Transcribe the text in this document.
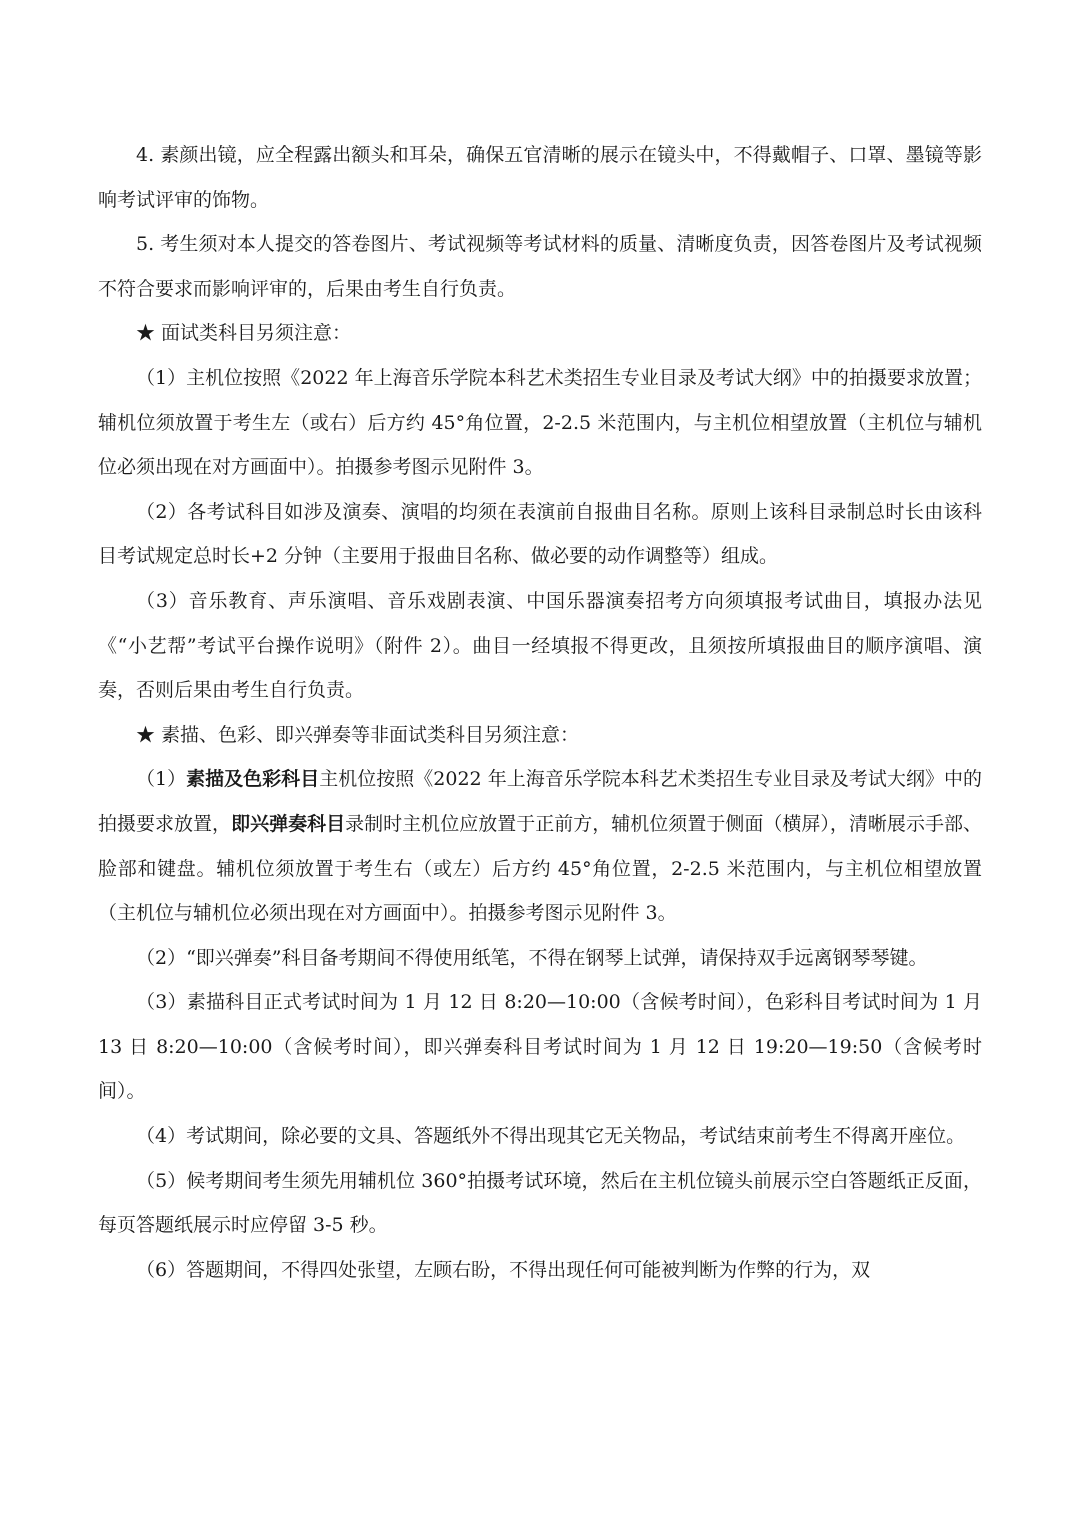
4. 素颜出镜，应全程露出额头和耳朵，确保五官清晰的展示在镜头中，不得戴帽子、口罩、墨镜等影响考试评审的饰物。

5. 考生须对本人提交的答卷图片、考试视频等考试材料的质量、清晰度负责，因答卷图片及考试视频不符合要求而影响评审的，后果由考生自行负责。

★ 面试类科目另须注意：

（1）主机位按照《2022 年上海音乐学院本科艺术类招生专业目录及考试大纲》中的拍摄要求放置；辅机位须放置于考生左（或右）后方约 45°角位置，2-2.5 米范围内，与主机位相望放置（主机位与辅机位必须出现在对方画面中）。拍摄参考图示见附件 3。

（2）各考试科目如涉及演奏、演唱的均须在表演前自报曲目名称。原则上该科目录制总时长由该科目考试规定总时长+2 分钟（主要用于报曲目名称、做必要的动作调整等）组成。

（3）音乐教育、声乐演唱、音乐戏剧表演、中国乐器演奏招考方向须填报考试曲目，填报办法见《“小艺帮”考试平台操作说明》（附件 2）。曲目一经填报不得更改，且须按所填报曲目的顺序演唱、演奏，否则后果由考生自行负责。

★ 素描、色彩、即兴弹奏等非面试类科目另须注意：

（1）素描及色彩科目主机位按照《2022 年上海音乐学院本科艺术类招生专业目录及考试大纲》中的拍摄要求放置，即兴弹奏科目录制时主机位应放置于正前方，辅机位须置于侧面（横屏），清晰展示手部、脸部和键盘。辅机位须放置于考生右（或左）后方约 45°角位置，2-2.5 米范围内，与主机位相望放置（主机位与辅机位必须出现在对方画面中）。拍摄参考图示见附件 3。

（2）“即兴弹奏”科目备考期间不得使用纸笔，不得在钢琴上试弹，请保持双手远离钢琴琴键。

（3）素描科目正式考试时间为 1 月 12 日 8:20—10:00（含候考时间），色彩科目考试时间为 1 月 13 日 8:20—10:00（含候考时间），即兴弹奏科目考试时间为 1 月 12 日 19:20—19:50（含候考时间）。

（4）考试期间，除必要的文具、答题纸外不得出现其它无关物品，考试结束前考生不得离开座位。

（5）候考期间考生须先用辅机位 360°拍摄考试环境，然后在主机位镜头前展示空白答题纸正反面，每页答题纸展示时应停留 3-5 秒。

（6）答题期间，不得四处张望，左顾右盼，不得出现任何可能被判断为作弊的行为，双
